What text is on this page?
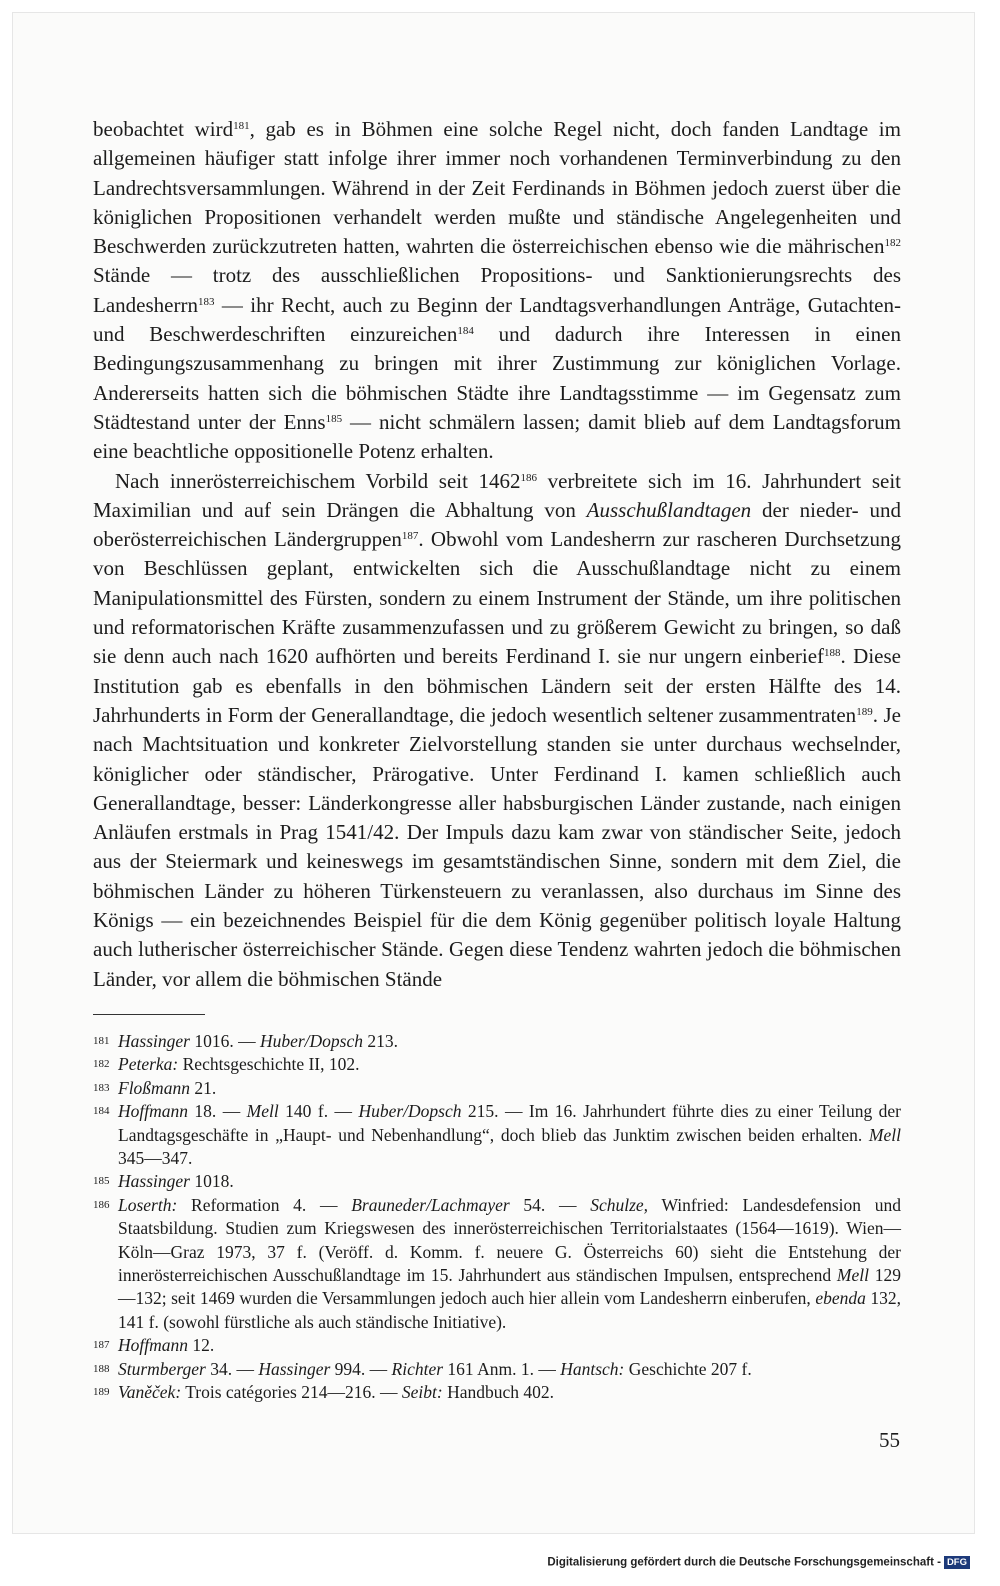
beobachtet wird$^{181}$, gab es in Böhmen eine solche Regel nicht, doch fanden Landtage im allgemeinen häufiger statt infolge ihrer immer noch vorhandenen Terminverbindung zu den Landrechtsversammlungen. Während in der Zeit Ferdinands in Böhmen jedoch zuerst über die königlichen Propositionen verhandelt werden mußte und ständische Angelegenheiten und Beschwerden zurückzutreten hatten, wahrten die österreichischen ebenso wie die mährischen$^{182}$ Stände — trotz des ausschließlichen Propositions- und Sanktionierungsrechts des Landesherrn$^{183}$ — ihr Recht, auch zu Beginn der Landtagsverhandlungen Anträge, Gutachten- und Beschwerdeschriften einzureichen$^{184}$ und dadurch ihre Interessen in einen Bedingungszusammenhang zu bringen mit ihrer Zustimmung zur königlichen Vorlage. Andererseits hatten sich die böhmischen Städte ihre Landtagsstimme — im Gegensatz zum Städtestand unter der Enns$^{185}$ — nicht schmälern lassen; damit blieb auf dem Landtagsforum eine beachtliche oppositionelle Potenz erhalten.

Nach innerösterreichischem Vorbild seit 1462$^{186}$ verbreitete sich im 16. Jahrhundert seit Maximilian und auf sein Drängen die Abhaltung von Ausschußlandtagen der nieder- und oberösterreichischen Ländergruppen$^{187}$. Obwohl vom Landesherrn zur rascheren Durchsetzung von Beschlüssen geplant, entwickelten sich die Ausschußlandtage nicht zu einem Manipulationsmittel des Fürsten, sondern zu einem Instrument der Stände, um ihre politischen und reformatorischen Kräfte zusammenzufassen und zu größerem Gewicht zu bringen, so daß sie denn auch nach 1620 aufhörten und bereits Ferdinand I. sie nur ungern einberief$^{188}$. Diese Institution gab es ebenfalls in den böhmischen Ländern seit der ersten Hälfte des 14. Jahrhunderts in Form der Generallandtage, die jedoch wesentlich seltener zusammentraten$^{189}$. Je nach Machtsituation und konkreter Zielvorstellung standen sie unter durchaus wechselnder, königlicher oder ständischer, Prärogative. Unter Ferdinand I. kamen schließlich auch Generallandtage, besser: Länderkongresse aller habsburgischen Länder zustande, nach einigen Anläufen erstmals in Prag 1541/42. Der Impuls dazu kam zwar von ständischer Seite, jedoch aus der Steiermark und keineswegs im gesamtständischen Sinne, sondern mit dem Ziel, die böhmischen Länder zu höheren Türkensteuern zu veranlassen, also durchaus im Sinne des Königs — ein bezeichnendes Beispiel für die dem König gegenüber politisch loyale Haltung auch lutherischer österreichischer Stände. Gegen diese Tendenz wahrten jedoch die böhmischen Länder, vor allem die böhmischen Stände

181 Hassinger 1016. — Huber/Dopsch 213.
182 Peterka: Rechtsgeschichte II, 102.
183 Floßmann 21.
184 Hoffmann 18. — Mell 140 f. — Huber/Dopsch 215. — Im 16. Jahrhundert führte dies zu einer Teilung der Landtagsgeschäfte in „Haupt- und Nebenhandlung“, doch blieb das Junktim zwischen beiden erhalten. Mell 345—347.
185 Hassinger 1018.
186 Loserth: Reformation 4. — Brauneder/Lachmayer 54. — Schulze, Winfried: Landesdefension und Staatsbildung. Studien zum Kriegswesen des innerösterreichischen Territorialstaates (1564—1619). Wien—Köln—Graz 1973, 37 f. (Veröff. d. Komm. f. neuere G. Österreichs 60) sieht die Entstehung der innerösterreichischen Ausschußlandtage im 15. Jahrhundert aus ständischen Impulsen, entsprechend Mell 129—132; seit 1469 wurden die Versammlungen jedoch auch hier allein vom Landesherrn einberufen, ebenda 132, 141 f. (sowohl fürstliche als auch ständische Initiative).
187 Hoffmann 12.
188 Sturmberger 34. — Hassinger 994. — Richter 161 Anm. 1. — Hantsch: Geschichte 207 f.
189 Vaněček: Trois catégories 214—216. — Seibt: Handbuch 402.
55
Digitalisierung gefördert durch die Deutsche Forschungsgemeinschaft - DFG
